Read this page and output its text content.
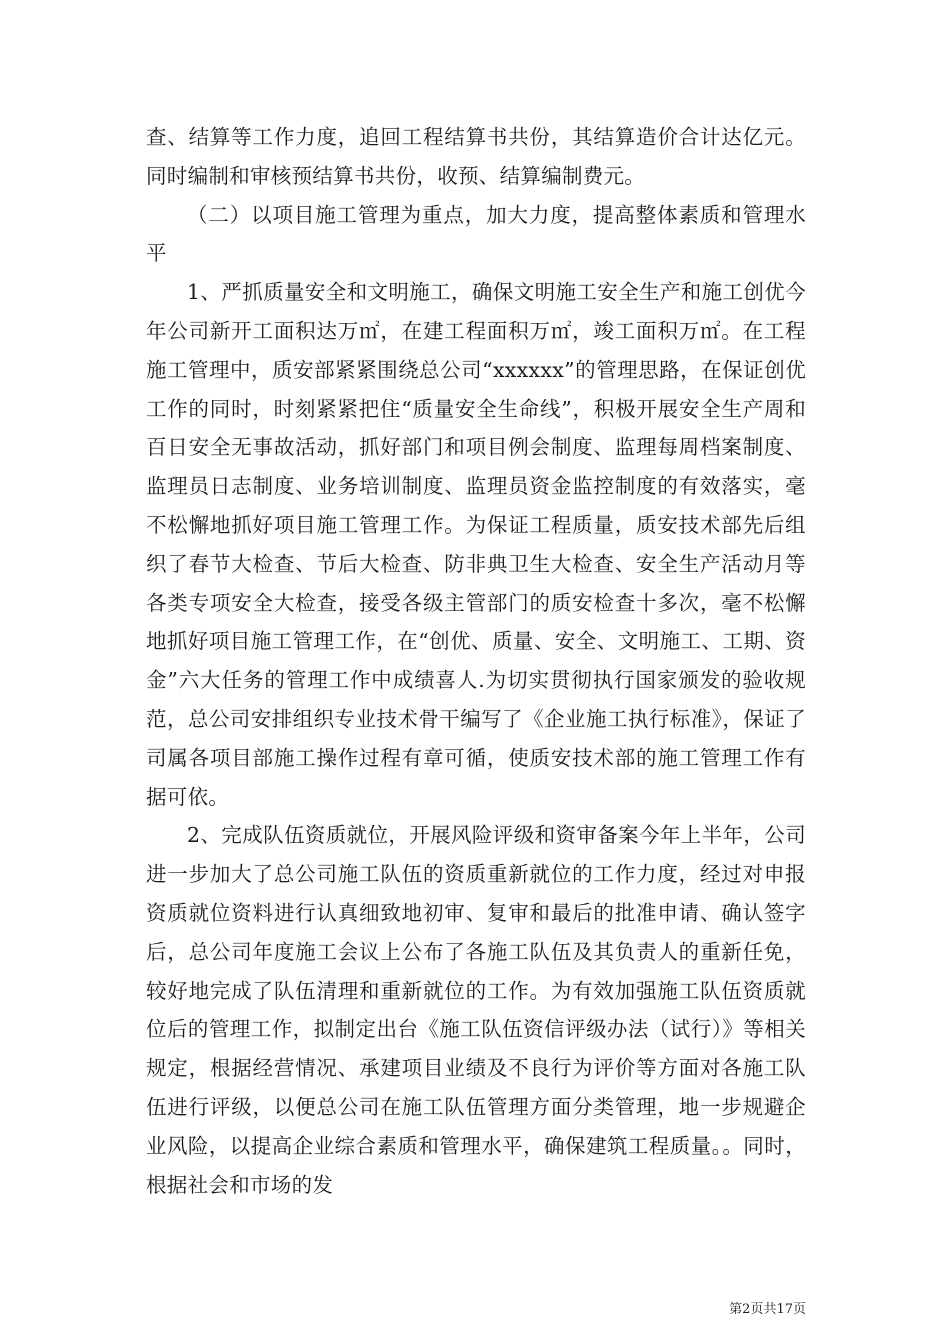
查、结算等工作力度，追回工程结算书共份，其结算造价合计达亿元。同时编制和审核预结算书共份，收预、结算编制费元。

（二）以项目施工管理为重点，加大力度，提高整体素质和管理水平

1、严抓质量安全和文明施工，确保文明施工安全生产和施工创优今年公司新开工面积达万㎡，在建工程面积万㎡，竣工面积万㎡。在工程施工管理中，质安部紧紧围绕总公司“xxxxxx”的管理思路，在保证创优工作的同时，时刻紧紧把住“质量安全生命线”，积极开展安全生产周和百日安全无事故活动，抓好部门和项目例会制度、监理每周档案制度、监理员日志制度、业务培训制度、监理员资金监控制度的有效落实，毫不松懈地抓好项目施工管理工作。为保证工程质量，质安技术部先后组织了春节大检查、节后大检查、防非典卫生大检查、安全生产活动月等各类专项安全大检查，接受各级主管部门的质安检查十多次，毫不松懈地抓好项目施工管理工作，在“创优、质量、安全、文明施工、工期、资金”六大任务的管理工作中成绩喜人.为切实贯彻执行国家颁发的验收规范，总公司安排组织专业技术骨干编写了《企业施工执行标准》，保证了司属各项目部施工操作过程有章可循，使质安技术部的施工管理工作有据可依。

2、完成队伍资质就位，开展风险评级和资审备案今年上半年，公司进一步加大了总公司施工队伍的资质重新就位的工作力度，经过对申报资质就位资料进行认真细致地初审、复审和最后的批准申请、确认签字后，总公司年度施工会议上公布了各施工队伍及其负责人的重新任免，较好地完成了队伍清理和重新就位的工作。为有效加强施工队伍资质就位后的管理工作，拟制定出台《施工队伍资信评级办法（试行）》等相关规定，根据经营情况、承建项目业绩及不良行为评价等方面对各施工队伍进行评级，以便总公司在施工队伍管理方面分类管理，地一步规避企业风险，以提高企业综合素质和管理水平，确保建筑工程质量。。同时，根据社会和市场的发

第2页共17页
